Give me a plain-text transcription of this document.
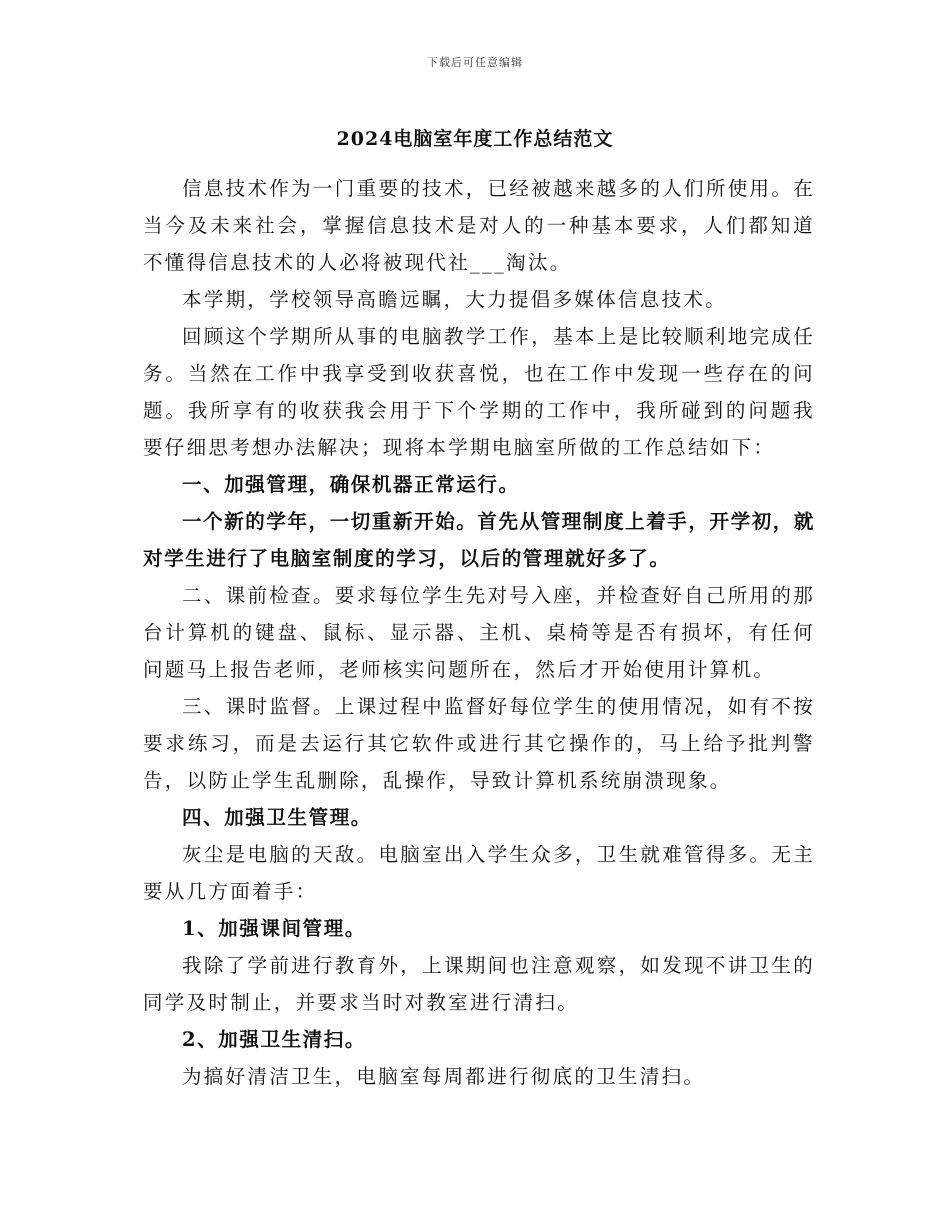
下载后可任意编辑
2024电脑室年度工作总结范文

信息技术作为一门重要的技术，已经被越来越多的人们所使用。在当今及未来社会，掌握信息技术是对人的一种基本要求，人们都知道不懂得信息技术的人必将被现代社___淘汰。

本学期，学校领导高瞻远瞩，大力提倡多媒体信息技术。

回顾这个学期所从事的电脑教学工作，基本上是比较顺利地完成任务。当然在工作中我享受到收获喜悦，也在工作中发现一些存在的问题。我所享有的收获我会用于下个学期的工作中，我所碰到的问题我要仔细思考想办法解决；现将本学期电脑室所做的工作总结如下：

一、加强管理，确保机器正常运行。

一个新的学年，一切重新开始。首先从管理制度上着手，开学初，就对学生进行了电脑室制度的学习，以后的管理就好多了。

二、课前检查。要求每位学生先对号入座，并检查好自己所用的那台计算机的键盘、鼠标、显示器、主机、桌椅等是否有损坏，有任何问题马上报告老师，老师核实问题所在，然后才开始使用计算机。

三、课时监督。上课过程中监督好每位学生的使用情况，如有不按要求练习，而是去运行其它软件或进行其它操作的，马上给予批判警告，以防止学生乱删除，乱操作，导致计算机系统崩溃现象。

四、加强卫生管理。

灰尘是电脑的天敌。电脑室出入学生众多，卫生就难管得多。无主要从几方面着手：

1、加强课间管理。

我除了学前进行教育外，上课期间也注意观察，如发现不讲卫生的同学及时制止，并要求当时对教室进行清扫。

2、加强卫生清扫。

为搞好清洁卫生，电脑室每周都进行彻底的卫生清扫。
